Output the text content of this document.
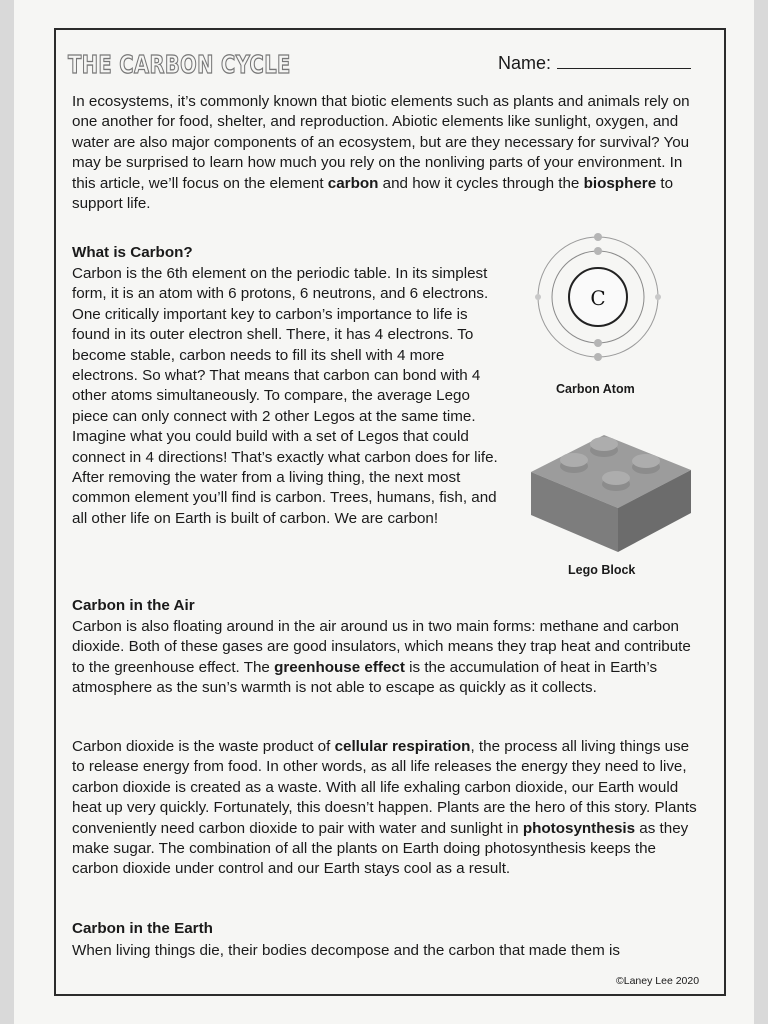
THE CARBON CYCLE	Name:

In ecosystems, it’s commonly known that biotic elements such as plants and animals rely on one another for food, shelter, and reproduction. Abiotic elements like sunlight, oxygen, and water are also major components of an ecosystem, but are they necessary for survival? You may be surprised to learn how much you rely on the nonliving parts of your environment. In this article, we’ll focus on the element carbon and how it cycles through the biosphere to support life.

What is Carbon?

Carbon is the 6th element on the periodic table. In its simplest form, it is an atom with 6 protons, 6 neutrons, and 6 electrons. One critically important key to carbon’s importance to life is found in its outer electron shell. There, it has 4 electrons. To become stable, carbon needs to fill its shell with 4 more electrons. So what? That means that carbon can bond with 4 other atoms simultaneously. To compare, the average Lego piece can only connect with 2 other Legos at the same time. Imagine what you could build with a set of Legos that could connect in 4 directions! That’s exactly what carbon does for life. After removing the water from a living thing, the next most common element you’ll find is carbon. Trees, humans, fish, and all other life on Earth is built of carbon. We are carbon!

C
Carbon Atom
Lego Block
Carbon in the Air

Carbon is also floating around in the air around us in two main forms: methane and carbon dioxide. Both of these gases are good insulators, which means they trap heat and contribute to the greenhouse effect. The greenhouse effect is the accumulation of heat in Earth’s atmosphere as the sun’s warmth is not able to escape as quickly as it collects.

Carbon dioxide is the waste product of cellular respiration, the process all living things use to release energy from food. In other words, as all life releases the energy they need to live, carbon dioxide is created as a waste. With all life exhaling carbon dioxide, our Earth would heat up very quickly. Fortunately, this doesn’t happen. Plants are the hero of this story. Plants conveniently need carbon dioxide to pair with water and sunlight in photosynthesis as they make sugar. The combination of all the plants on Earth doing photosynthesis keeps the carbon dioxide under control and our Earth stays cool as a result.

Carbon in the Earth

When living things die, their bodies decompose and the carbon that made them is

©Laney Lee 2020
